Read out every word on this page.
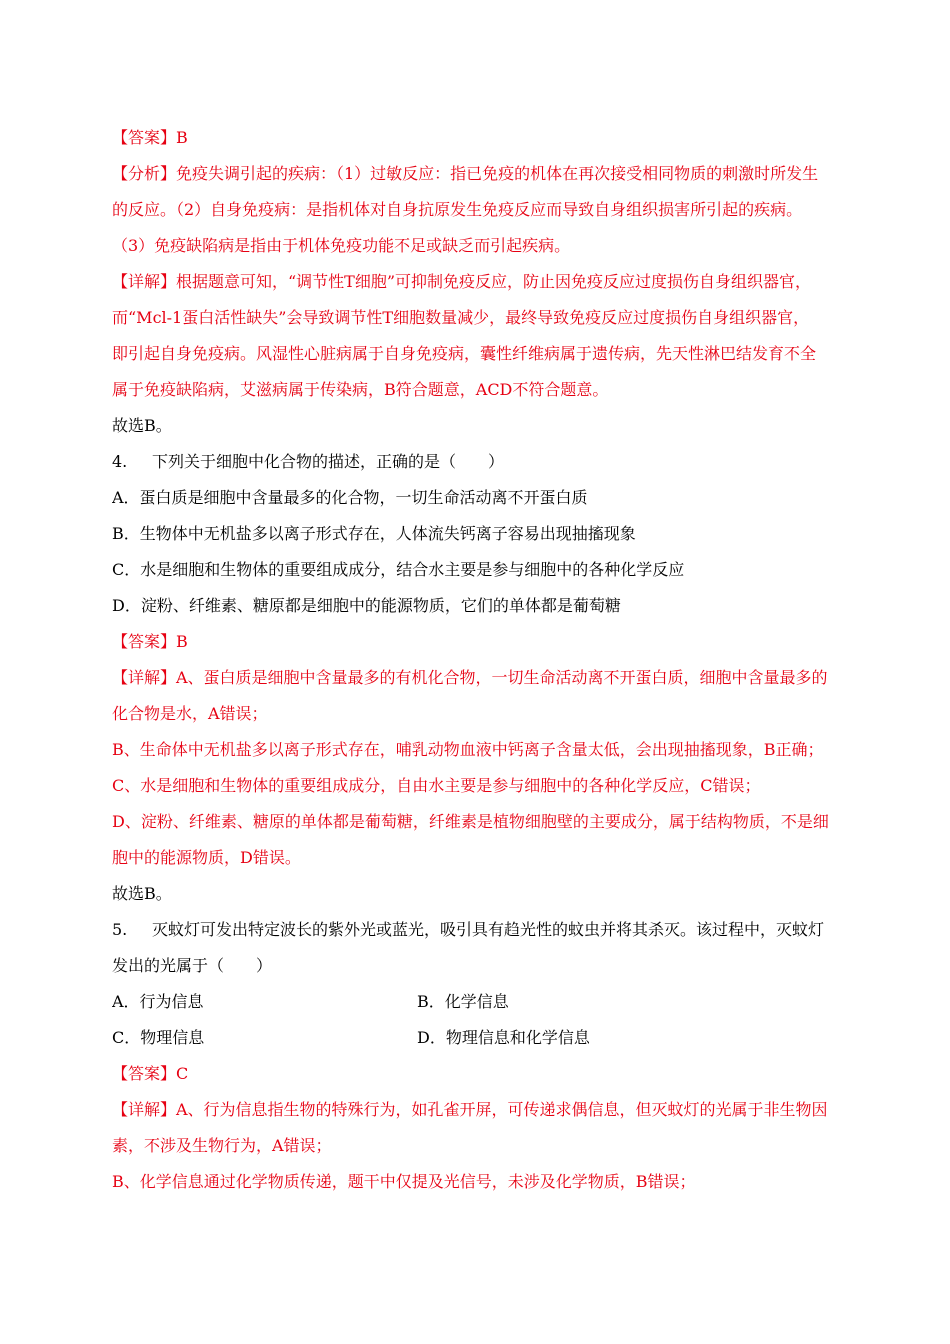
【答案】B
【分析】免疫失调引起的疾病：（1）过敏反应：指已免疫的机体在再次接受相同物质的刺激时所发生
的反应。（2）自身免疫病：是指机体对自身抗原发生免疫反应而导致自身组织损害所引起的疾病。
（3）免疫缺陷病是指由于机体免疫功能不足或缺乏而引起疾病。
【详解】根据题意可知，“调节性T细胞”可抑制免疫反应，防止因免疫反应过度损伤自身组织器官，
而“Mcl-1蛋白活性缺失”会导致调节性T细胞数量减少，最终导致免疫反应过度损伤自身组织器官，
即引起自身免疫病。风湿性心脏病属于自身免疫病，囊性纤维病属于遗传病，先天性淋巴结发育不全
属于免疫缺陷病，艾滋病属于传染病，B符合题意，ACD不符合题意。
故选B。
4. 下列关于细胞中化合物的描述，正确的是（　　）
A．蛋白质是细胞中含量最多的化合物，一切生命活动离不开蛋白质
B．生物体中无机盐多以离子形式存在，人体流失钙离子容易出现抽搐现象
C．水是细胞和生物体的重要组成成分，结合水主要是参与细胞中的各种化学反应
D．淀粉、纤维素、糖原都是细胞中的能源物质，它们的单体都是葡萄糖
【答案】B
【详解】A、蛋白质是细胞中含量最多的有机化合物，一切生命活动离不开蛋白质，细胞中含量最多的
化合物是水，A错误；
B、生命体中无机盐多以离子形式存在，哺乳动物血液中钙离子含量太低，会出现抽搐现象，B正确；
C、水是细胞和生物体的重要组成成分，自由水主要是参与细胞中的各种化学反应，C错误；
D、淀粉、纤维素、糖原的单体都是葡萄糖，纤维素是植物细胞壁的主要成分，属于结构物质，不是细
胞中的能源物质，D错误。
故选B。
5. 灭蚊灯可发出特定波长的紫外光或蓝光，吸引具有趋光性的蚊虫并将其杀灭。该过程中，灭蚊灯
发出的光属于（　　）
A．行为信息	B．化学信息
C．物理信息	D．物理信息和化学信息
【答案】C
【详解】A、行为信息指生物的特殊行为，如孔雀开屏，可传递求偶信息，但灭蚊灯的光属于非生物因
素，不涉及生物行为，A错误；
B、化学信息通过化学物质传递，题干中仅提及光信号，未涉及化学物质，B错误；
